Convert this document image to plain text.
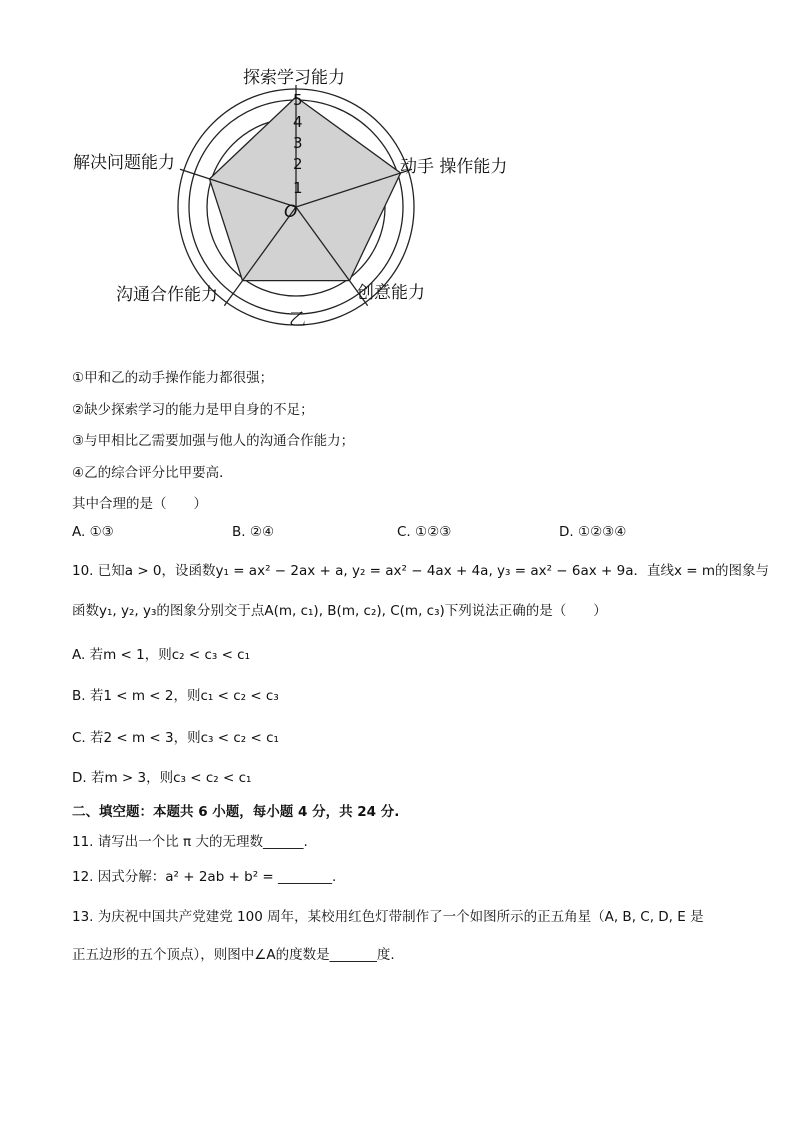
1
2
3
4
5
O
探索学习能力
动手 操作能力
创意能力
沟通合作能力
解决问题能力
乙
①甲和乙的动手操作能力都很强；
②缺少探索学习的能力是甲自身的不足；
③与甲相比乙需要加强与他人的沟通合作能力；
④乙的综合评分比甲要高．
其中合理的是（　　）
A. ①③	B. ②④	C. ①②③	D. ①②③④
10. 已知a > 0，设函数y₁ = ax² − 2ax + a, y₂ = ax² − 4ax + 4a, y₃ = ax² − 6ax + 9a．直线x = m的图象与
函数y₁, y₂, y₃的图象分别交于点A(m, c₁), B(m, c₂), C(m, c₃)下列说法正确的是（　　）
A. 若m < 1，则c₂ < c₃ < c₁
B. 若1 < m < 2，则c₁ < c₂ < c₃
C. 若2 < m < 3，则c₃ < c₂ < c₁
D. 若m > 3，则c₃ < c₂ < c₁
二、填空题：本题共 6 小题，每小题 4 分，共 24 分.
11. 请写出一个比 π 大的无理数______.
12. 因式分解：a² + 2ab + b² = ________.
13. 为庆祝中国共产党建党 100 周年，某校用红色灯带制作了一个如图所示的正五角星（A, B, C, D, E 是
正五边形的五个顶点），则图中∠A的度数是_______度.
